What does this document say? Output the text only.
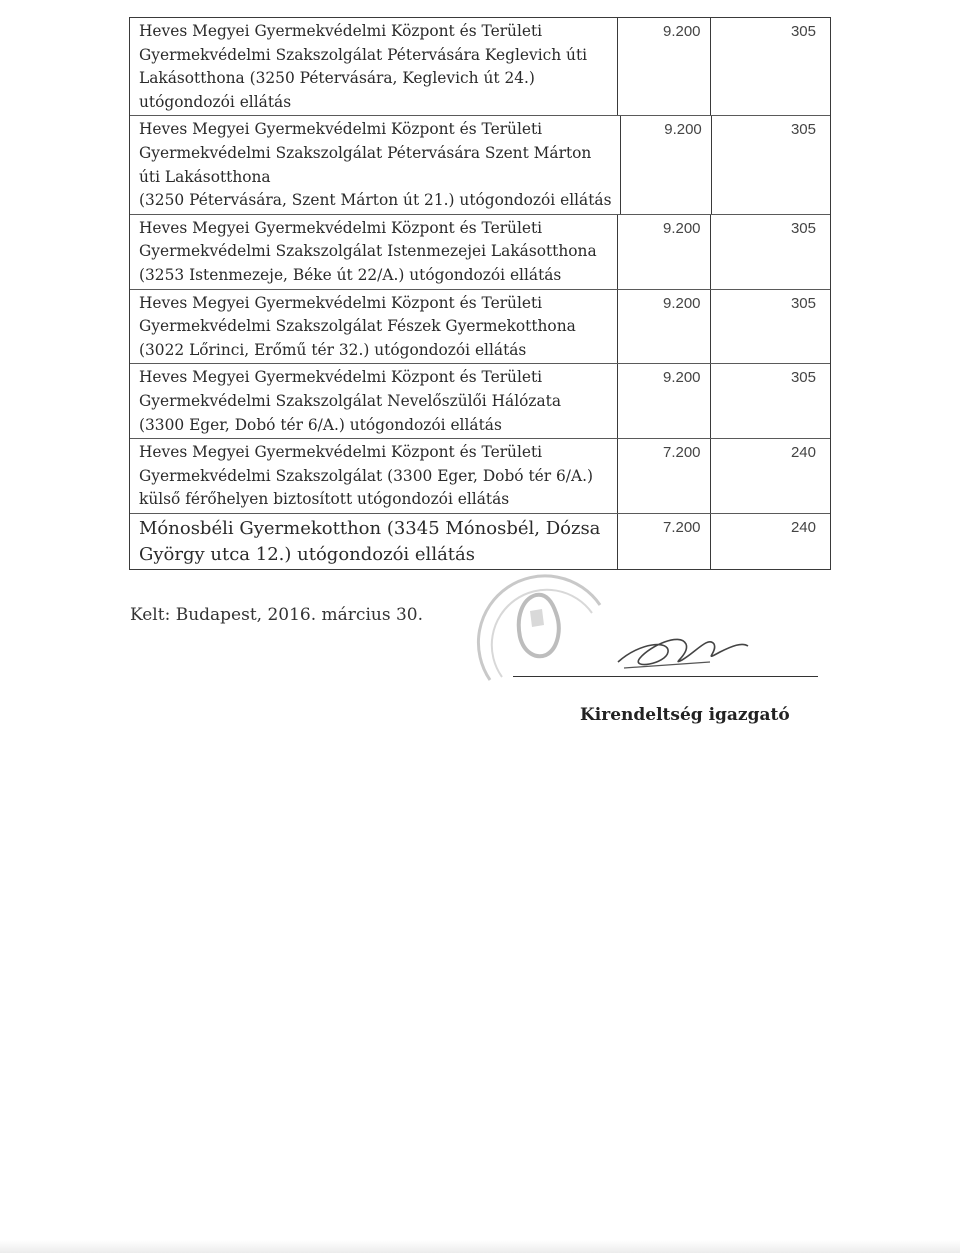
Heves Megyei Gyermekvédelmi Központ és Területi
Gyermekvédelmi Szakszolgálat Pétervására Keglevich úti
Lakásotthona (3250 Pétervására, Keglevich út 24.)
utógondozói ellátás
9.200	305
Heves Megyei Gyermekvédelmi Központ és Területi
Gyermekvédelmi Szakszolgálat Pétervására Szent Márton
úti Lakásotthona
(3250 Pétervására, Szent Márton út 21.) utógondozói ellátás
9.200	305
Heves Megyei Gyermekvédelmi Központ és Területi
Gyermekvédelmi Szakszolgálat Istenmezejei Lakásotthona
(3253 Istenmezeje, Béke út 22/A.) utógondozói ellátás
9.200	305
Heves Megyei Gyermekvédelmi Központ és Területi
Gyermekvédelmi Szakszolgálat Fészek Gyermekotthona
(3022 Lőrinci, Erőmű tér 32.) utógondozói ellátás
9.200	305
Heves Megyei Gyermekvédelmi Központ és Területi
Gyermekvédelmi Szakszolgálat Nevelőszülői Hálózata
(3300 Eger, Dobó tér 6/A.) utógondozói ellátás
9.200	305
Heves Megyei Gyermekvédelmi Központ és Területi
Gyermekvédelmi Szakszolgálat (3300 Eger, Dobó tér 6/A.)
külső férőhelyen biztosított utógondozói ellátás
7.200	240
Mónosbéli Gyermekotthon (3345 Mónosbél, Dózsa
György utca 12.) utógondozói ellátás
7.200	240
Kelt: Budapest, 2016. március 30.
Kirendeltség igazgató
